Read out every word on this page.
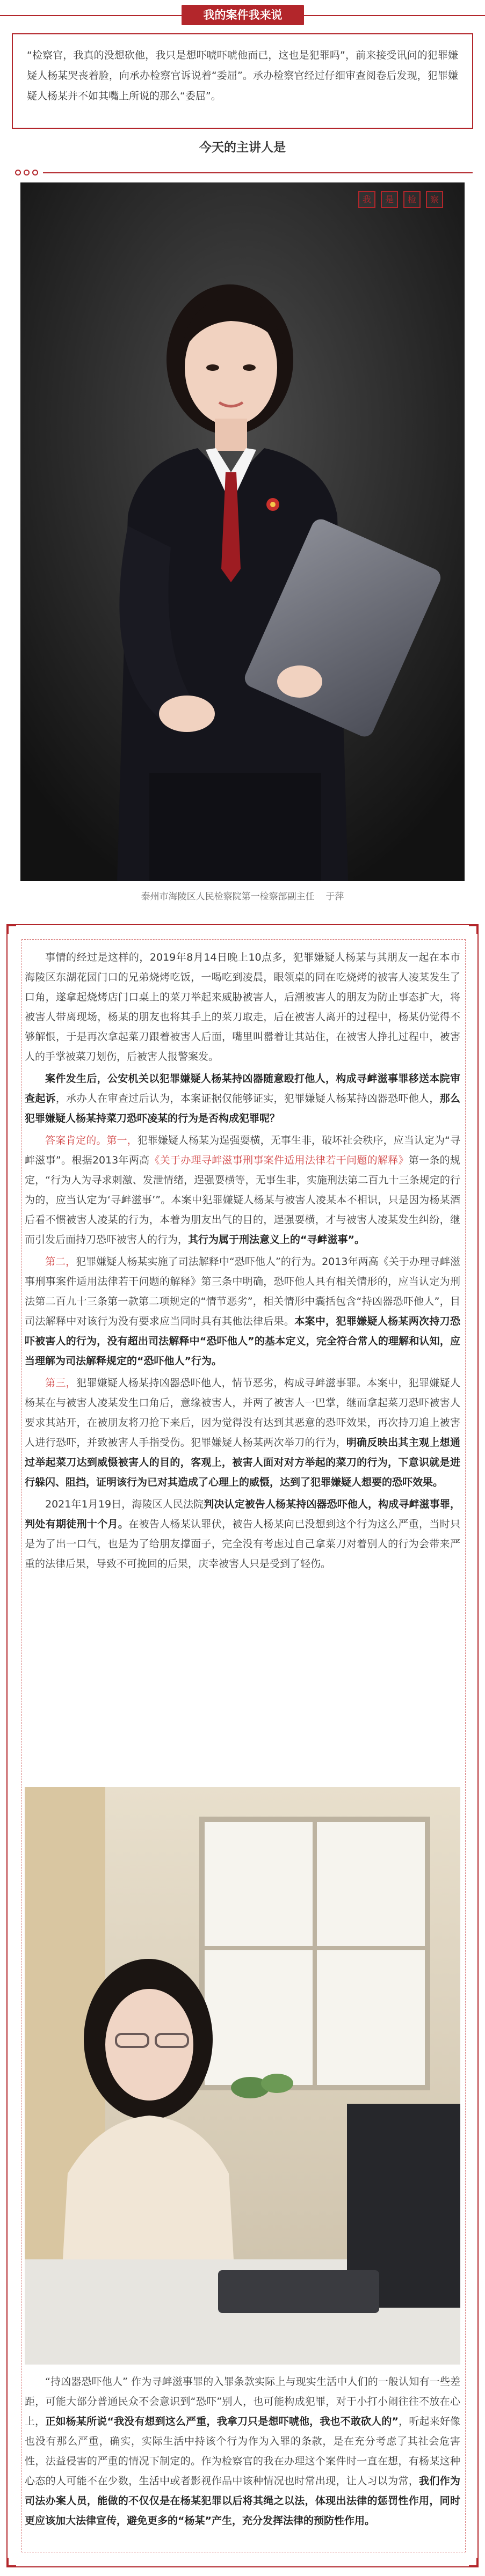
我的案件我来说

“检察官，我真的没想砍他，我只是想吓唬吓唬他而已，这也是犯罪吗”，前来接受讯问的犯罪嫌疑人杨某哭丧着脸，向承办检察官诉说着“委屈”。承办检察官经过仔细审查阅卷后发现，犯罪嫌疑人杨某并不如其嘴上所说的那么“委屈”。

今天的主讲人是
我	是	检	察
泰州市海陵区人民检察院第一检察部副主任 于萍

事情的经过是这样的，2019年8月14日晚上10点多，犯罪嫌疑人杨某与其朋友一起在本市海陵区东湖花园门口的兄弟烧烤吃饭，一喝吃到凌晨，眼领桌的同在吃烧烤的被害人凌某发生了口角，遂拿起烧烤店门口桌上的菜刀举起来威胁被害人，后潮被害人的朋友为防止事态扩大，将被害人带离现场，杨某的朋友也将其手上的菜刀取走，后在被害人离开的过程中，杨某仍觉得不够解恨，于是再次拿起菜刀跟着被害人后面，嘴里叫嚣着让其站住，在被害人挣扎过程中，被害人的手掌被菜刀划伤，后被害人报警案发。

案件发生后，公安机关以犯罪嫌疑人杨某持凶器随意殴打他人，构成寻衅滋事罪移送本院审查起诉，承办人在审查过后认为，本案证据仅能够证实，犯罪嫌疑人杨某持凶器恐吓他人，那么犯罪嫌疑人杨某持菜刀恐吓凌某的行为是否构成犯罪呢？

答案肯定的。第一，犯罪嫌疑人杨某为逞强耍横，无事生非，破坏社会秩序，应当认定为“寻衅滋事”。根据2013年两高《关于办理寻衅滋事刑事案件适用法律若干问题的解释》第一条的规定，“行为人为寻求刺激、发泄情绪，逞强耍横等，无事生非，实施刑法第二百九十三条规定的行为的，应当认定为‘寻衅滋事’”。本案中犯罪嫌疑人杨某与被害人凌某本不相识，只是因为杨某酒后看不惯被害人凌某的行为，本着为朋友出气的目的，逞强耍横，才与被害人凌某发生纠纷，继而引发后面持刀恐吓被害人的行为，其行为属于刑法意义上的“寻衅滋事”。

第二，犯罪嫌疑人杨某实施了司法解释中“恐吓他人”的行为。2013年两高《关于办理寻衅滋事刑事案件适用法律若干问题的解释》第三条中明确，恐吓他人具有相关情形的，应当认定为刑法第二百九十三条第一款第二项规定的“情节恶劣”，相关情形中囊括包含“持凶器恐吓他人”，目司法解释中对该行为没有要求应当同时具有其他法律后果。本案中，犯罪嫌疑人杨某两次持刀恐吓被害人的行为，没有超出司法解释中“恐吓他人”的基本定义，完全符合常人的理解和认知，应当理解为司法解释规定的“恐吓他人”行为。

第三，犯罪嫌疑人杨某持凶器恐吓他人，情节恶劣，构成寻衅滋事罪。本案中，犯罪嫌疑人杨某在与被害人凌某发生口角后，意缘被害人，并两了被害人一巴掌，继而拿起菜刀恐吓被害人要求其站开，在被朋友将刀抢下来后，因为觉得没有达到其恶意的恐吓效果，再次持刀追上被害人进行恐吓，并致被害人手指受伤。犯罪嫌疑人杨某两次举刀的行为，明确反映出其主观上想通过举起菜刀达到威慑被害人的目的，客观上，被害人面对对方举起的菜刀的行为，下意识就是进行躲闪、阻挡，证明该行为已对其造成了心理上的威慑，达到了犯罪嫌疑人想要的恐吓效果。

2021年1月19日，海陵区人民法院判决认定被告人杨某持凶器恐吓他人，构成寻衅滋事罪，判处有期徒刑十个月。在被告人杨某认罪伏，被告人杨某向已没想到这个行为这么严重，当时只是为了出一口气，也是为了给朋友撑面子，完全没有考虑过自己拿菜刀对着别人的行为会带来严重的法律后果，导致不可挽回的后果，庆幸被害人只是受到了轻伤。

“持凶器恐吓他人” 作为寻衅滋事罪的入罪条款实际上与现实生活中人们的一般认知有一些差距，可能大部分普通民众不会意识到“恐吓”别人，也可能构成犯罪，对于小打小闹往往不放在心上，正如杨某所说“我没有想到这么严重，我拿刀只是想吓唬他，我也不敢砍人的”，听起来好像也没有那么严重，确实，实际生活中持该个行为作为入罪的条款，是在充分考虑了其社会危害性，法益侵害的严重的情况下制定的。作为检察官的我在办理这个案件时一直在想，有杨某这种心态的人可能不在少数，生活中或者影视作品中该种情况也时常出现，让人习以为常，我们作为司法办案人员，能做的不仅仅是在杨某犯罪以后将其绳之以法，体现出法律的惩罚性作用，同时更应该加大法律宣传，避免更多的“杨某”产生，充分发挥法律的预防性作用。
